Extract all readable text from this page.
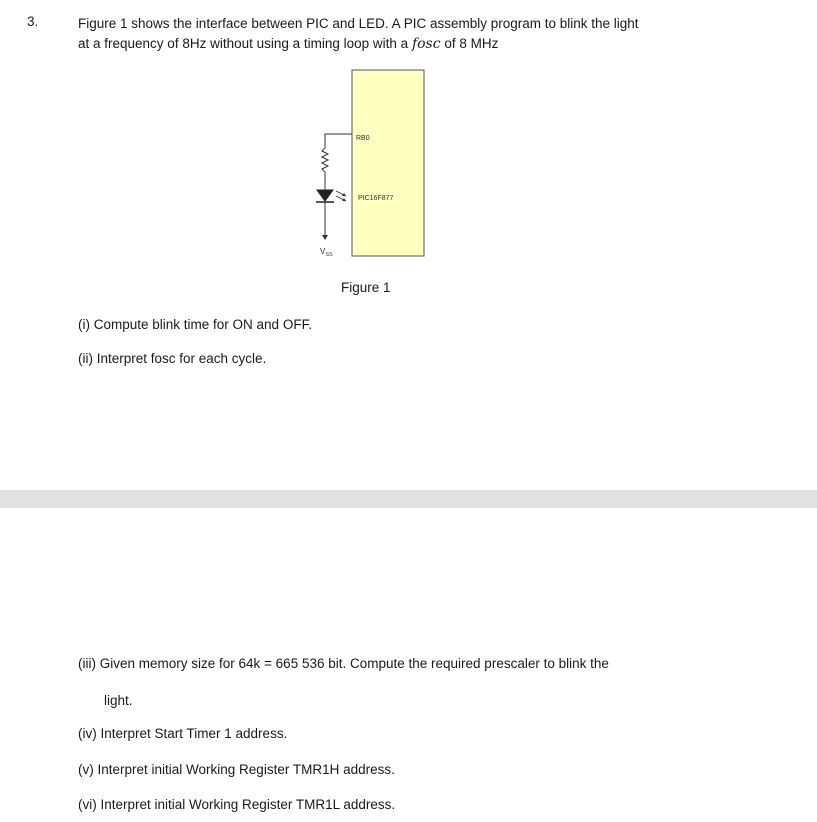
3.	Figure 1 shows the interface between PIC and LED. A PIC assembly program to blink the light
at a frequency of 8Hz without using a timing loop with a fosc of 8 MHz
RB0
PIC16F877
$V_{SS}$
Figure 1
(i) Compute blink time for ON and OFF.
(ii) Interpret fosc for each cycle.
(iii) Given memory size for 64k = 665 536 bit. Compute the required prescaler to blink the
light.
(iv) Interpret Start Timer 1 address.
(v) Interpret initial Working Register TMR1H address.
(vi) Interpret initial Working Register TMR1L address.
